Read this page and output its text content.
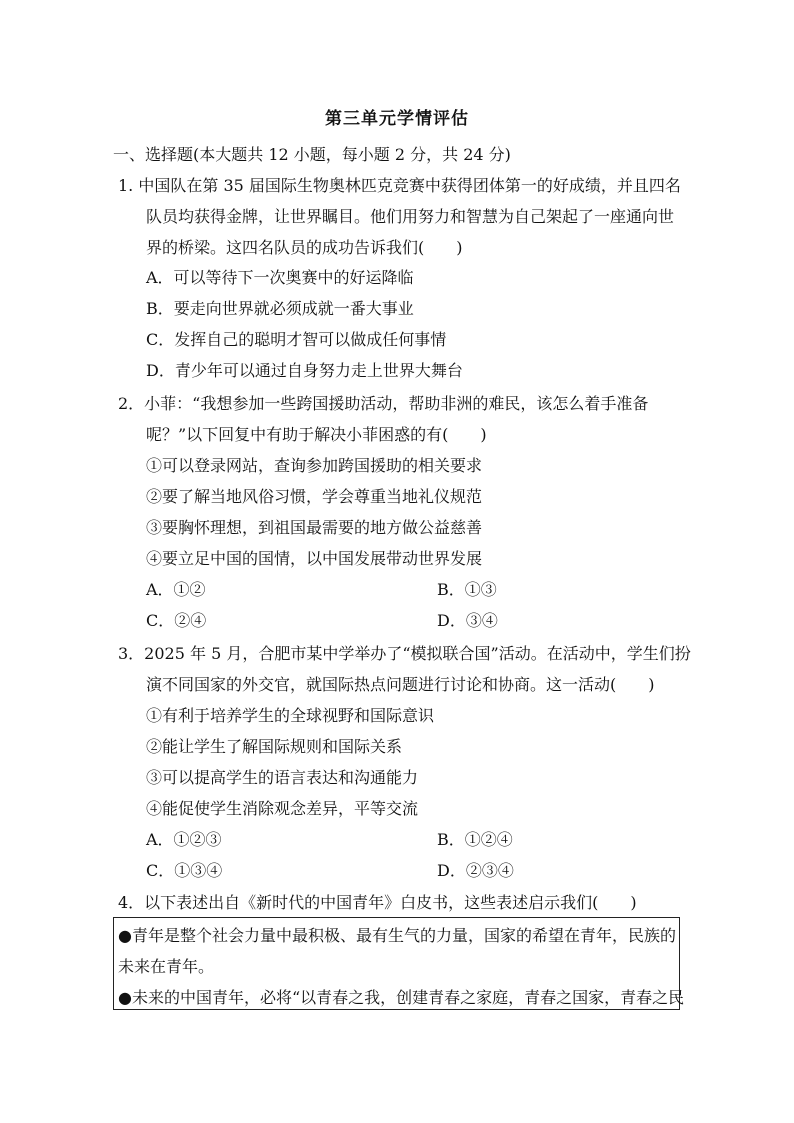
第三单元学情评估
一、选择题(本大题共 12 小题，每小题 2 分，共 24 分)
1. 中国队在第 35 届国际生物奥林匹克竞赛中获得团体第一的好成绩，并且四名
队员均获得金牌，让世界瞩目。他们用努力和智慧为自己架起了一座通向世
界的桥梁。这四名队员的成功告诉我们(　　)
A．可以等待下一次奥赛中的好运降临
B．要走向世界就必须成就一番大事业
C．发挥自己的聪明才智可以做成任何事情
D．青少年可以通过自身努力走上世界大舞台
2．小菲：“我想参加一些跨国援助活动，帮助非洲的难民，该怎么着手准备
呢？”以下回复中有助于解决小菲困惑的有(　　)
①可以登录网站，查询参加跨国援助的相关要求
②要了解当地风俗习惯，学会尊重当地礼仪规范
③要胸怀理想，到祖国最需要的地方做公益慈善
④要立足中国的国情，以中国发展带动世界发展
A．①②	B．①③
C．②④	D．③④
3．2025 年 5 月，合肥市某中学举办了“模拟联合国”活动。在活动中，学生们扮
演不同国家的外交官，就国际热点问题进行讨论和协商。这一活动(　　)
①有利于培养学生的全球视野和国际意识
②能让学生了解国际规则和国际关系
③可以提高学生的语言表达和沟通能力
④能促使学生消除观念差异，平等交流
A．①②③	B．①②④
C．①③④	D．②③④
4．以下表述出自《新时代的中国青年》白皮书，这些表述启示我们(　　)
●青年是整个社会力量中最积极、最有生气的力量，国家的希望在青年，民族的
未来在青年。
●未来的中国青年，必将“以青春之我，创建青春之家庭，青春之国家，青春之民
